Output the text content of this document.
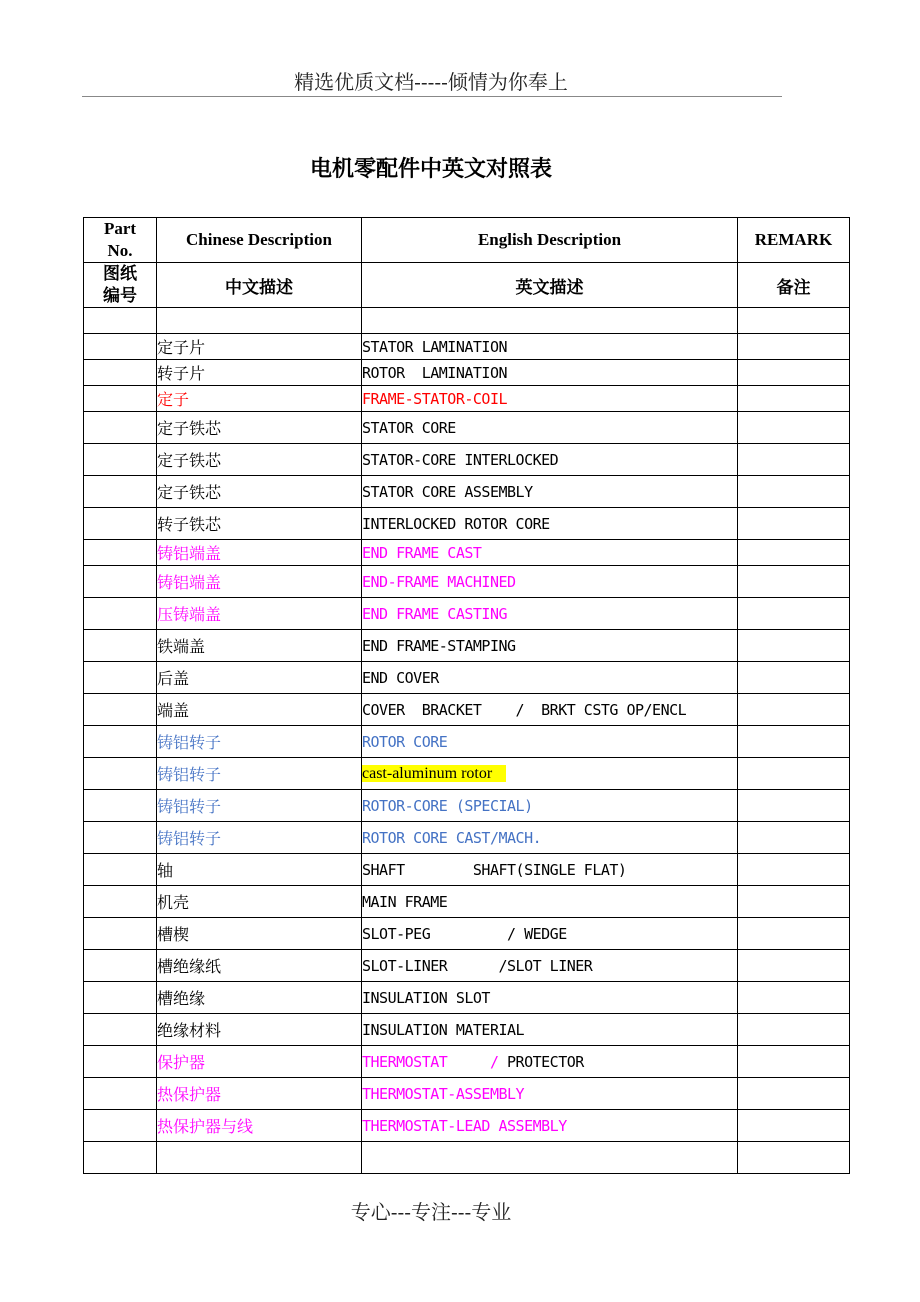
精选优质文档-----倾情为你奉上
电机零配件中英文对照表
Part No.	Chinese Description	English Description	REMARK
图纸编号	中文描述	英文描述	备注

	定子片	STATOR LAMINATION	
	转子片	ROTOR  LAMINATION	
	定子	FRAME-STATOR-COIL	
	定子铁芯	STATOR CORE	
	定子铁芯	STATOR-CORE INTERLOCKED	
	定子铁芯	STATOR CORE ASSEMBLY	
	转子铁芯	INTERLOCKED ROTOR CORE	
	铸铝端盖	END FRAME CAST	
	铸铝端盖	END-FRAME MACHINED	
	压铸端盖	END FRAME CASTING	
	铁端盖	END FRAME-STAMPING	
	后盖	END COVER	
	端盖	COVER  BRACKET    /  BRKT CSTG OP/ENCL	
	铸铝转子	ROTOR CORE	
	铸铝转子	cast-aluminum rotor	
	铸铝转子	ROTOR-CORE (SPECIAL)	
	铸铝转子	ROTOR CORE CAST/MACH.	
	轴	SHAFT        SHAFT(SINGLE FLAT)	
	机壳	MAIN FRAME	
	槽楔	SLOT-PEG         / WEDGE	
	槽绝缘纸	SLOT-LINER      /SLOT LINER	
	槽绝缘	INSULATION SLOT	
	绝缘材料	INSULATION MATERIAL	
	保护器	THERMOSTAT     / PROTECTOR	
	热保护器	THERMOSTAT-ASSEMBLY	
	热保护器与线	THERMOSTAT-LEAD ASSEMBLY	

专心---专注---专业
